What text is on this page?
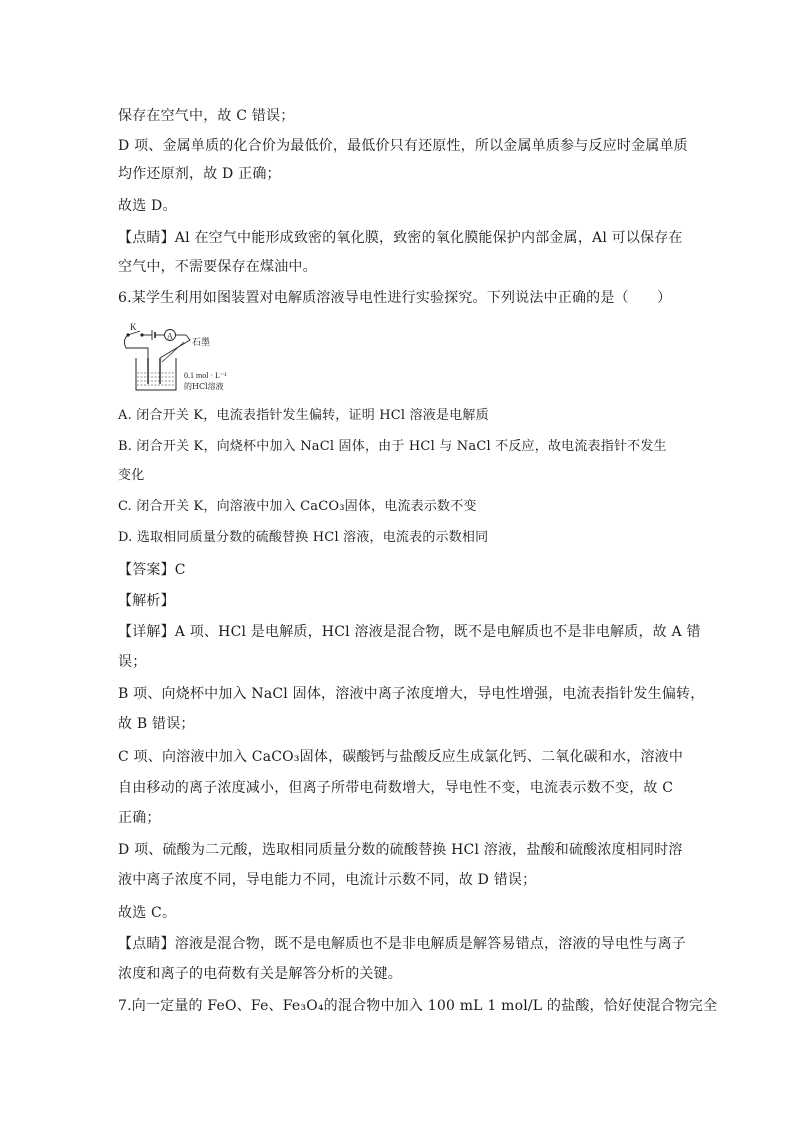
保存在空气中，故 C 错误；
D 项、金属单质的化合价为最低价，最低价只有还原性，所以金属单质参与反应时金属单质
均作还原剂，故 D 正确；
故选 D。
【点睛】Al 在空气中能形成致密的氧化膜，致密的氧化膜能保护内部金属，Al 可以保存在
空气中，不需要保存在煤油中。
6.某学生利用如图装置对电解质溶液导电性进行实验探究。下列说法中正确的是（　　）
K
A
石墨
0.1 mol · L⁻¹
的HCl溶液
A. 闭合开关 K，电流表指针发生偏转，证明 HCl 溶液是电解质
B. 闭合开关 K，向烧杯中加入 NaCl 固体，由于 HCl 与 NaCl 不反应，故电流表指针不发生
变化
C. 闭合开关 K，向溶液中加入 CaCO₃固体，电流表示数不变
D. 选取相同质量分数的硫酸替换 HCl 溶液，电流表的示数相同
【答案】C
【解析】
【详解】A 项、HCl 是电解质，HCl 溶液是混合物，既不是电解质也不是非电解质，故 A 错
误；
B 项、向烧杯中加入 NaCl 固体，溶液中离子浓度增大，导电性增强，电流表指针发生偏转，
故 B 错误；
C 项、向溶液中加入 CaCO₃固体，碳酸钙与盐酸反应生成氯化钙、二氧化碳和水，溶液中
自由移动的离子浓度减小，但离子所带电荷数增大，导电性不变，电流表示数不变，故 C
正确；
D 项、硫酸为二元酸，选取相同质量分数的硫酸替换 HCl 溶液，盐酸和硫酸浓度相同时溶
液中离子浓度不同，导电能力不同，电流计示数不同，故 D 错误；
故选 C。
【点睛】溶液是混合物，既不是电解质也不是非电解质是解答易错点，溶液的导电性与离子
浓度和离子的电荷数有关是解答分析的关键。
7.向一定量的 FeO、Fe、Fe₃O₄的混合物中加入 100 mL 1 mol/L 的盐酸，恰好使混合物完全
